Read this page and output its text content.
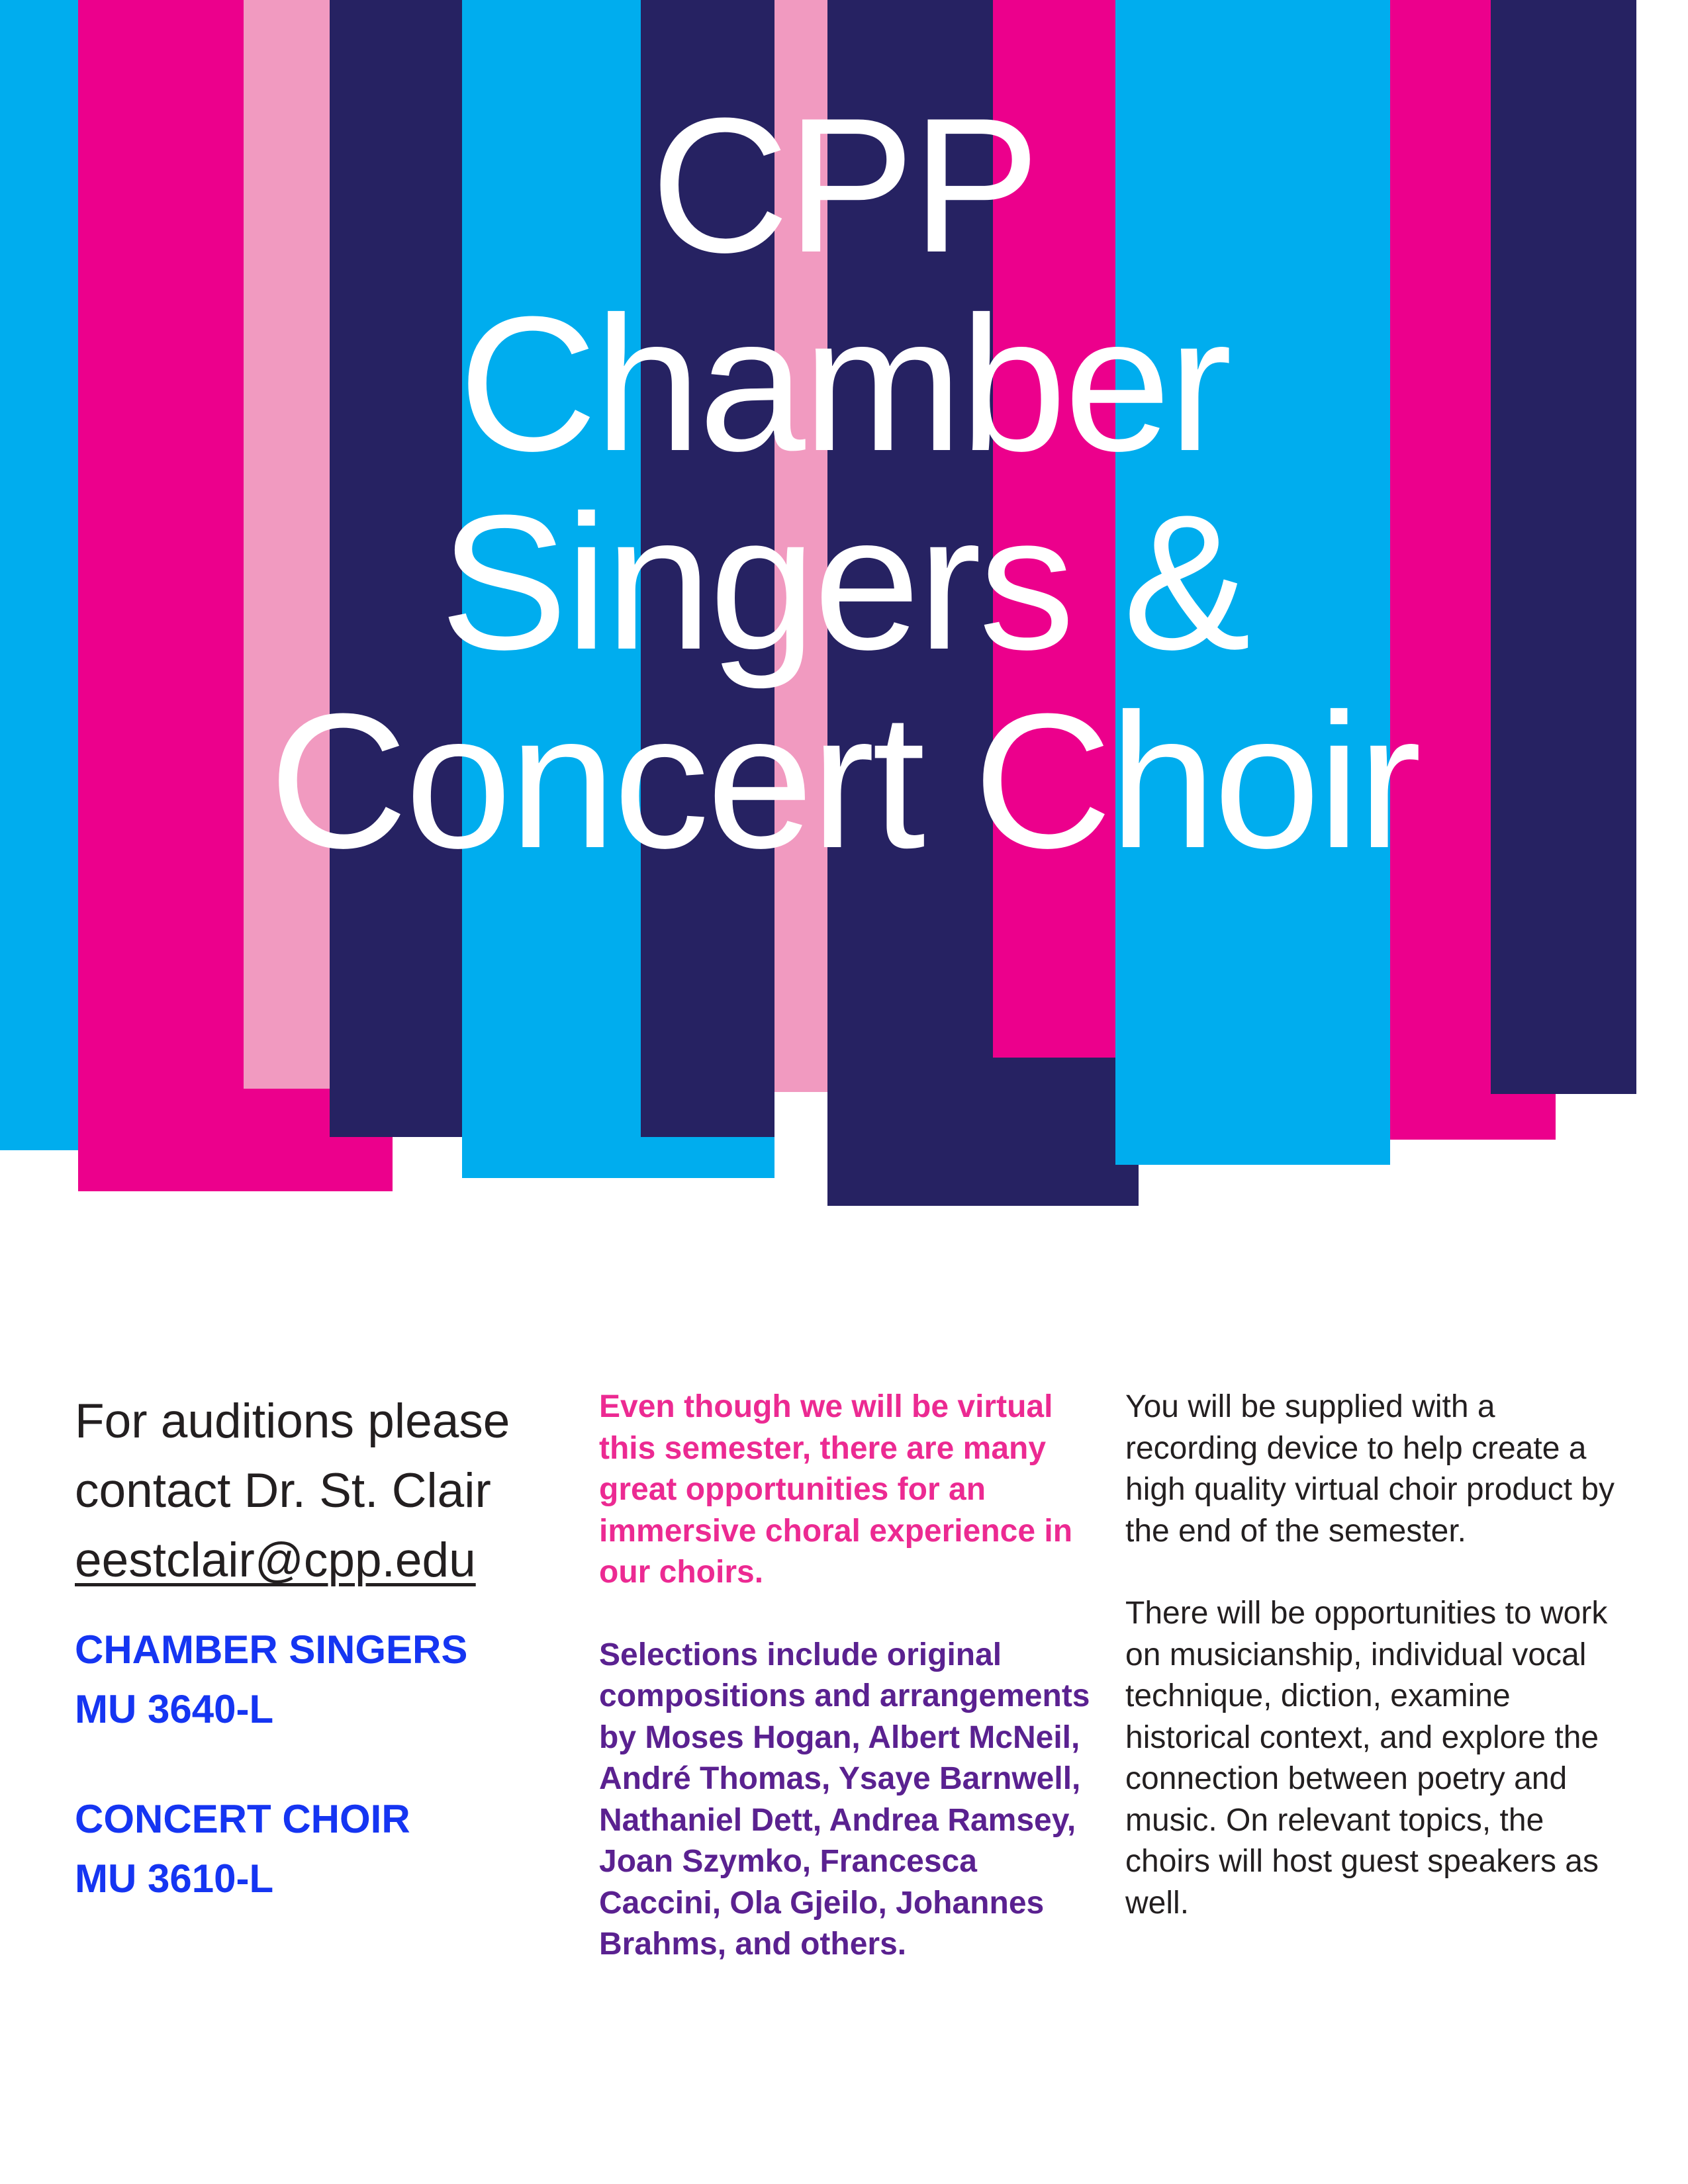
CPP
Chamber
Singers &
Concert Choir

For auditions please
contact Dr. St. Clair
eestclair@cpp.edu

CHAMBER SINGERS
MU 3640-L

CONCERT CHOIR
MU 3610-L

Even though we will be virtual this semester, there are many great opportunities for an immersive choral experience in our choirs.

Selections include original compositions and arrangements by Moses Hogan, Albert McNeil, André Thomas, Ysaye Barnwell, Nathaniel Dett, Andrea Ramsey, Joan Szymko, Francesca Caccini, Ola Gjeilo, Johannes Brahms, and others.

You will be supplied with a recording device to help create a high quality virtual choir product by the end of the semester.

There will be opportunities to work on musicianship, individual vocal technique, diction, examine historical context, and explore the connection between poetry and music. On relevant topics, the choirs will host guest speakers as well.
